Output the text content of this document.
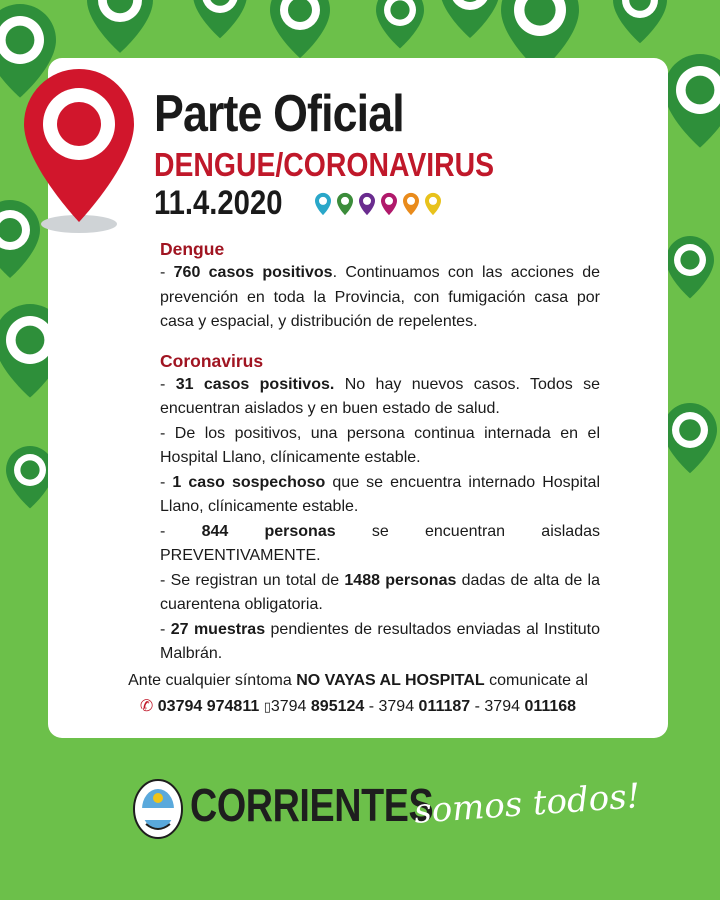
Parte Oficial
DENGUE/CORONAVIRUS
11.4.2020
Dengue

- 760 casos positivos. Continuamos con las acciones de prevención en toda la Provincia, con fumigación casa por casa y espacial, y distribución de repelentes.

Coronavirus

- 31 casos positivos. No hay nuevos casos. Todos se encuentran aislados y en buen estado de salud.

- De los positivos, una persona continua internada en el Hospital Llano, clínicamente estable.

- 1 caso sospechoso que se encuentra internado Hospital Llano, clínicamente estable.

- 844 personas se encuentran aisladas PREVENTIVAMENTE.

- Se registran un total de 1488 personas dadas de alta de la cuarentena obligatoria.

- 27 muestras pendientes de resultados enviadas al Instituto Malbrán.

Ante cualquier síntoma NO VAYAS AL HOSPITAL comunicate al
✆ 03794 974811 ▯3794 895124 - 3794 011187 - 3794 011168
CORRIENTES
somos todos!
